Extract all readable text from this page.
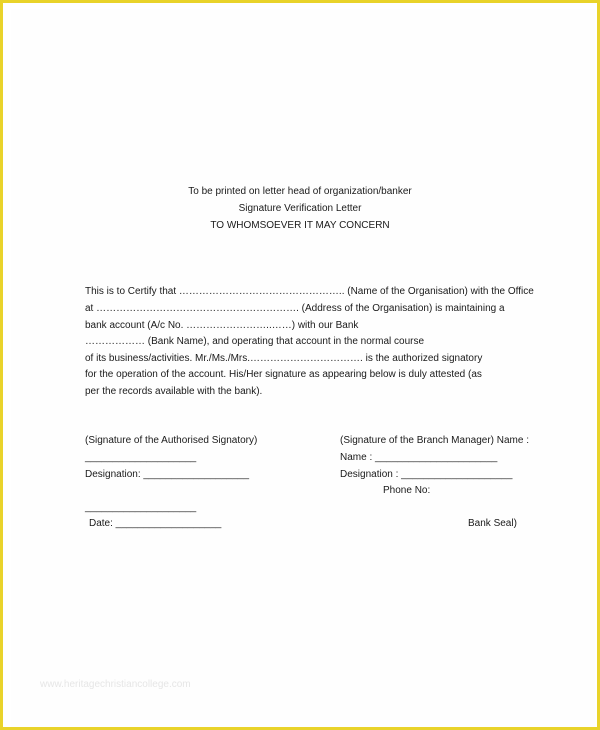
To be printed on letter head of organization/banker
Signature Verification Letter
TO WHOMSOEVER IT MAY CONCERN
This is to Certify that ………………………………………….. (Name of the Organisation) with the Office
at ……………………………………………………. (Address of the Organisation) is maintaining a
bank account (A/c No. ……………………..……) with our Bank
……………… (Bank Name), and operating that account in the normal course
of its business/activities. Mr./Ms./Mrs.……………………………. is the authorized signatory
for the operation of the account. His/Her signature as appearing below is duly attested (as
per the records available with the bank).
(Signature of the Authorised Signatory)
____________________
Designation: ___________________
____________________
Date: ___________________
(Signature of the Branch Manager) Name :
Name : ______________________
Designation : ____________________
Phone No:
Bank Seal)
www.heritagechristiancollege.com
